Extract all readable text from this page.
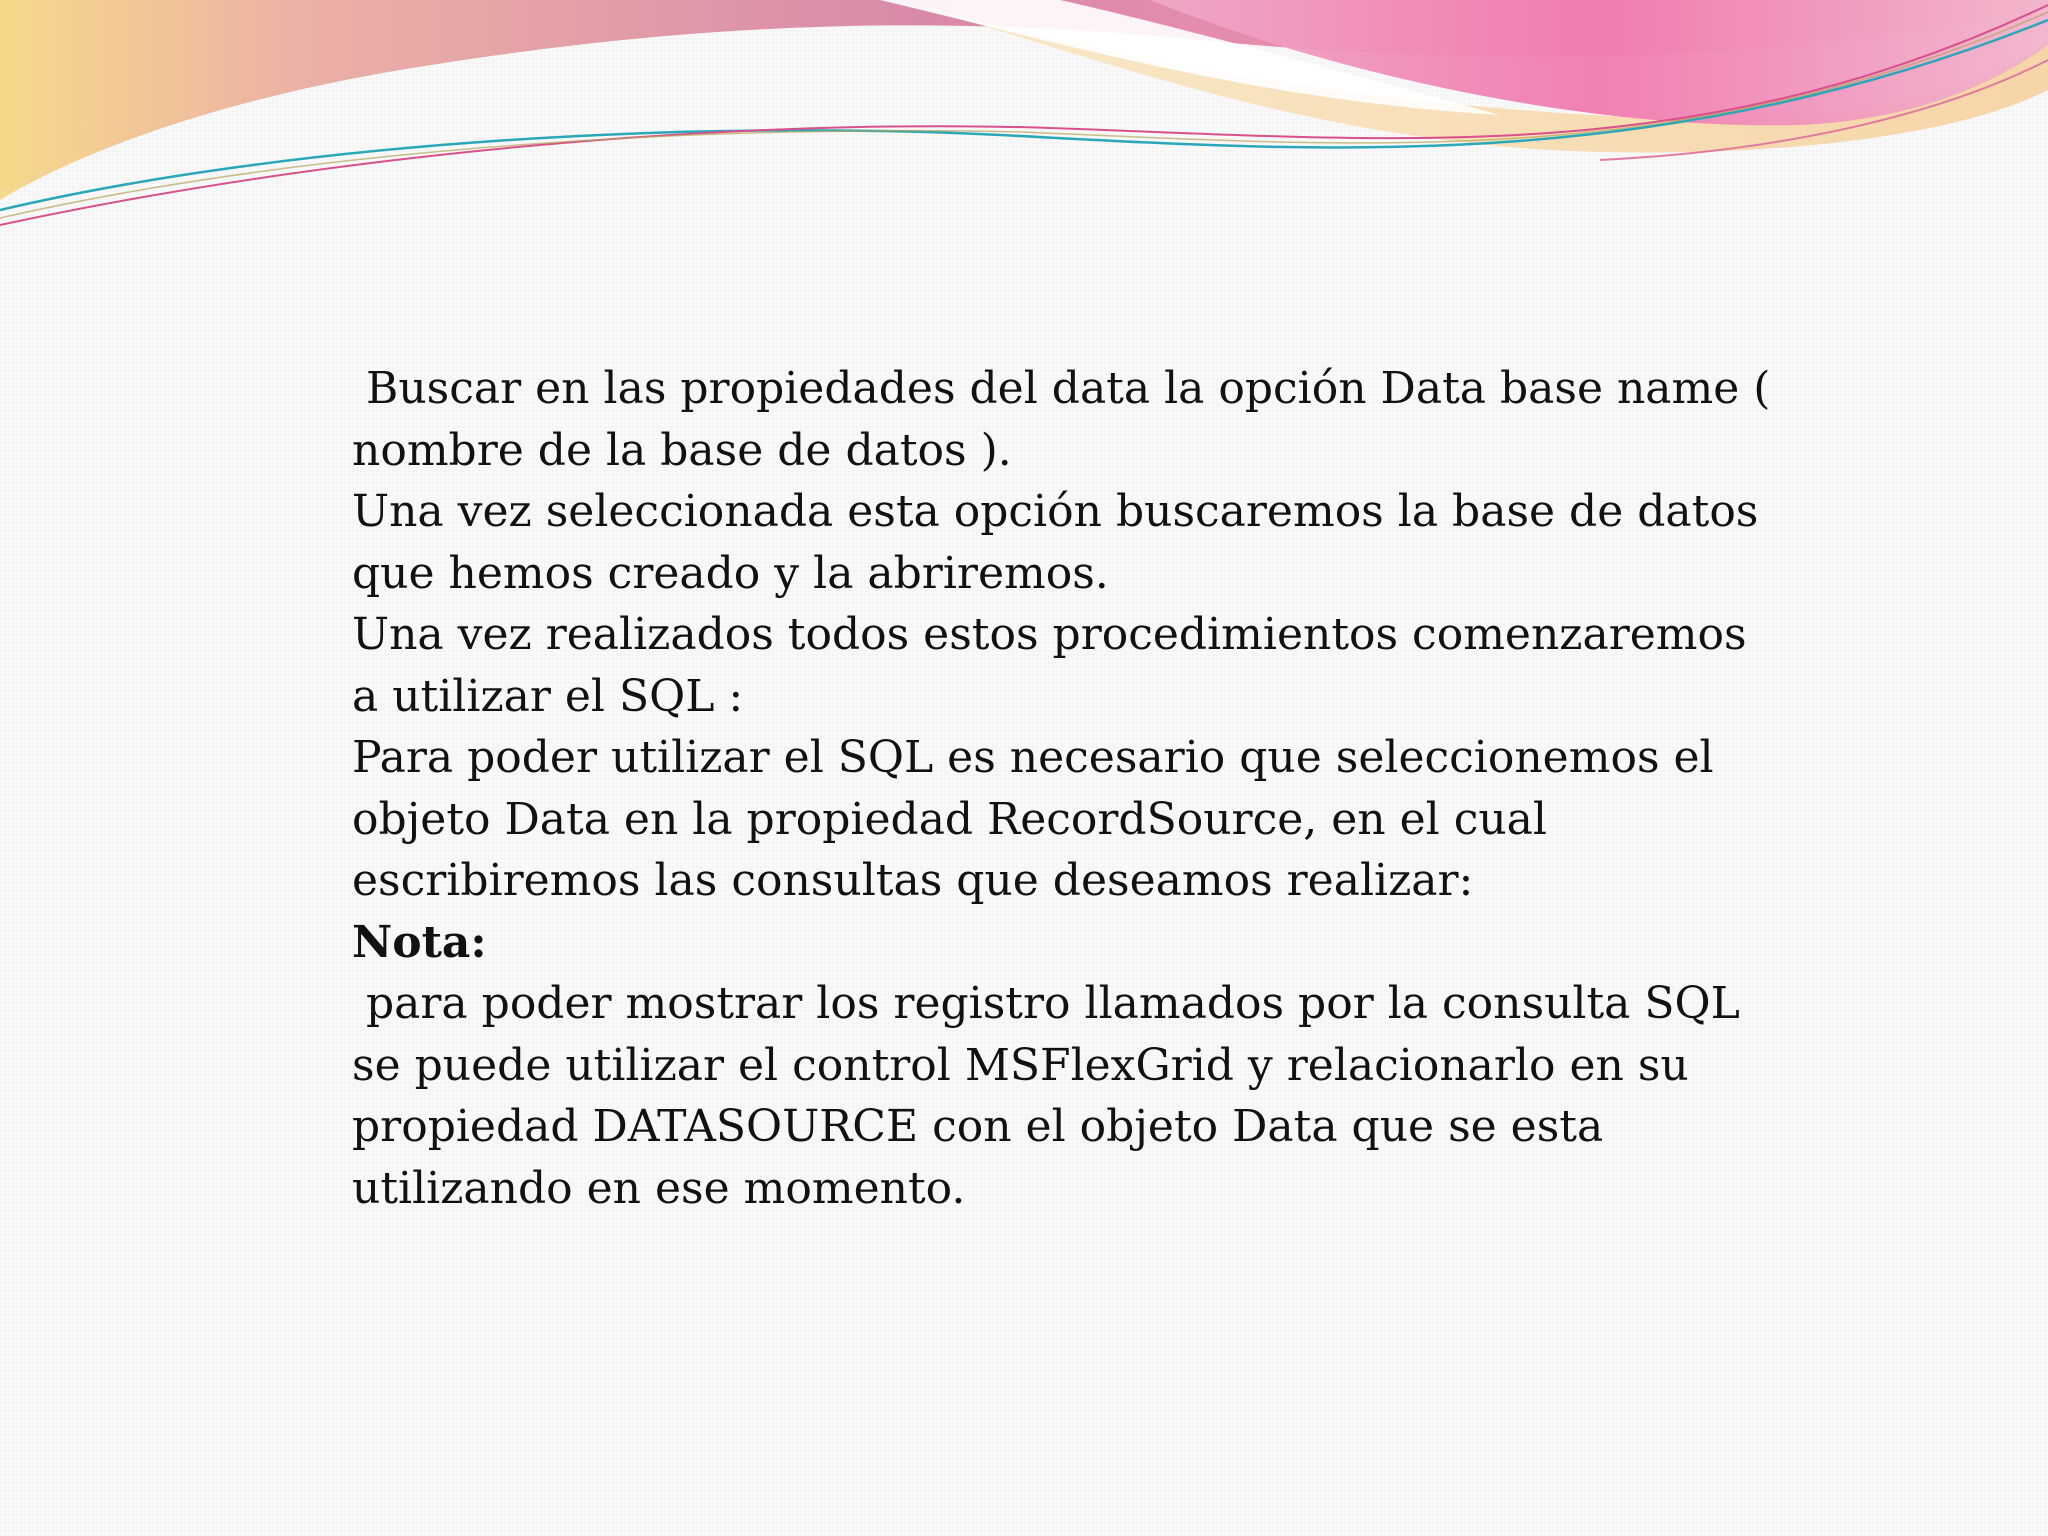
Buscar en las propiedades del data la opción Data base name ( nombre de la base de datos ).

Una vez seleccionada esta opción buscaremos la base de datos que hemos creado y la abriremos.

Una vez realizados todos estos procedimientos comenzaremos a utilizar el SQL :

Para poder utilizar el SQL es necesario que seleccionemos el objeto Data en la propiedad RecordSource, en el cual escribiremos las consultas que deseamos realizar:

Nota:

para poder mostrar los registro llamados por la consulta SQL se puede utilizar el control MSFlexGrid y relacionarlo en su propiedad DATASOURCE con el objeto Data que se esta utilizando en ese momento.
